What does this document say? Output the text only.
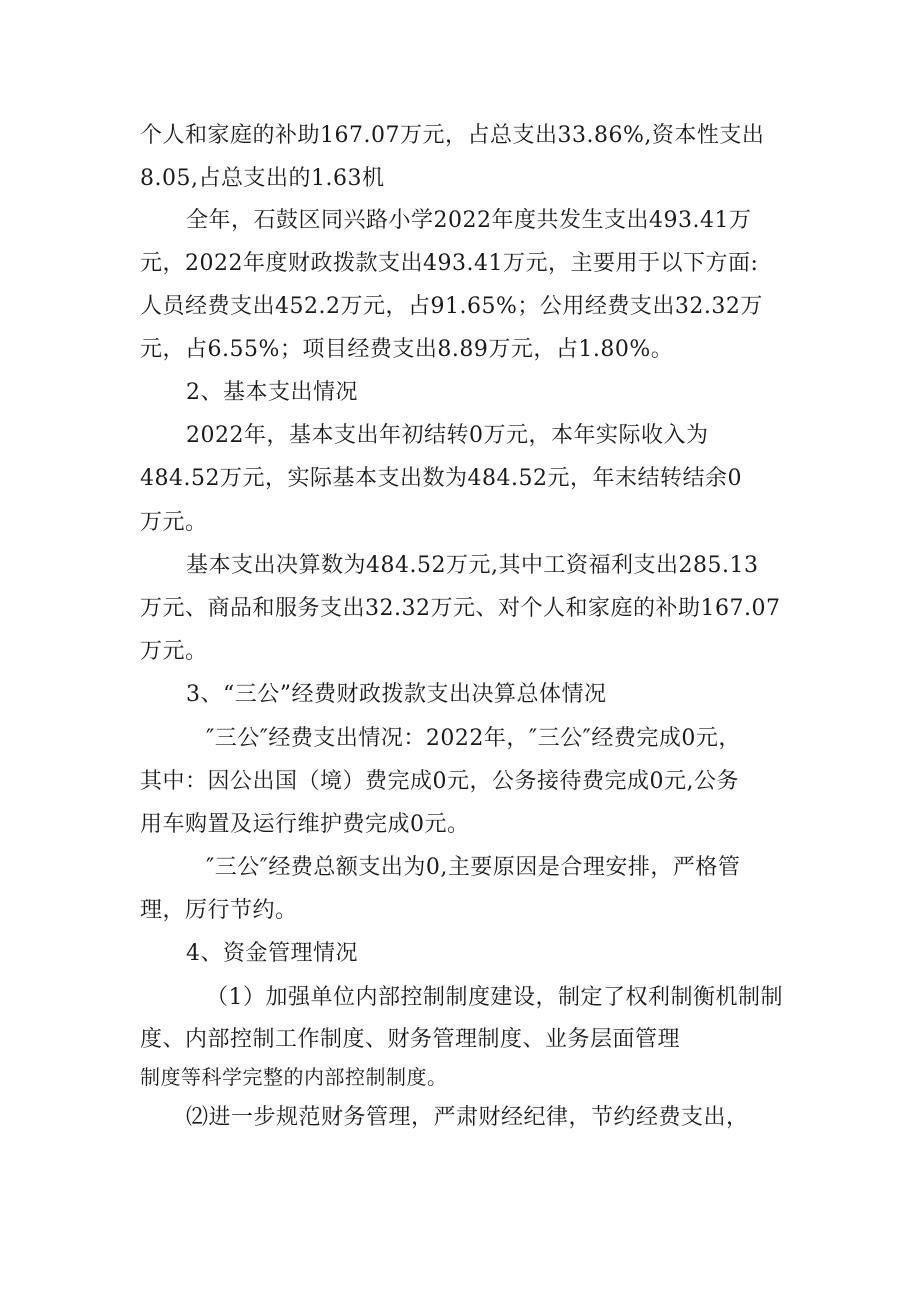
个人和家庭的补助167.07万元，占总支出33.86%,资本性支出
8.05,占总支出的1.63机
全年，石鼓区同兴路小学2022年度共发生支出493.41万
元，2022年度财政拨款支出493.41万元，主要用于以下方面:
人员经费支出452.2万元，占91.65%；公用经费支出32.32万
元，占6.55%；项目经费支出8.89万元，占1.80%。
2、基本支出情况
2022年，基本支出年初结转0万元，本年实际收入为
484.52万元，实际基本支出数为484.52元，年末结转结余0
万元。
基本支出决算数为484.52万元,其中工资福利支出285.13
万元、商品和服务支出32.32万元、对个人和家庭的补助167.07
万元。
3、“三公”经费财政拨款支出决算总体情况
″三公″经费支出情况：2022年，″三公″经费完成0元，
其中：因公出国（境）费完成0元，公务接待费完成0元,公务
用车购置及运行维护费完成0元。
″三公″经费总额支出为0,主要原因是合理安排，严格管
理，厉行节约。
4、资金管理情况
（1）加强单位内部控制制度建设，制定了权利制衡机制制
度、内部控制工作制度、财务管理制度、业务层面管理
制度等科学完整的内部控制制度。
⑵进一步规范财务管理，严肃财经纪律，节约经费支出，
